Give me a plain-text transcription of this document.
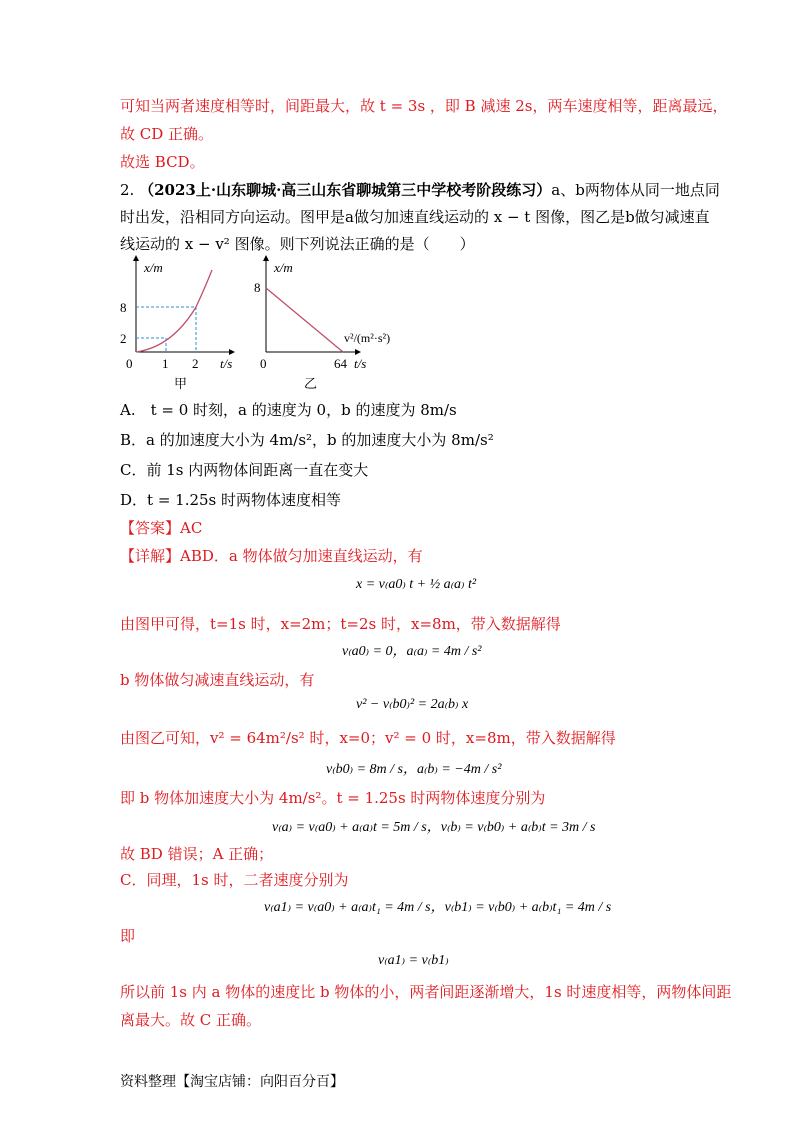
可知当两者速度相等时，间距最大，故 t = 3s ，即 B 减速 2s，两车速度相等，距离最远，
故 CD 正确。
故选 BCD。
2. （2023上·山东聊城·高三山东省聊城第三中学校考阶段练习）a、b两物体从同一地点同
时出发，沿相同方向运动。图甲是a做匀加速直线运动的 x − t 图像，图乙是b做匀减速直
线运动的 x − v² 图像。则下列说法正确的是（　　）
x/m
8
2
0 1 2 t/s
甲
x/m
8
v²/(m²·s²)
0	64 t/s
乙
A.　t = 0 时刻，a 的速度为 0，b 的速度为 8m/s
B．a 的加速度大小为 4m/s²，b 的加速度大小为 8m/s²
C．前 1s 内两物体间距离一直在变大
D．t = 1.25s 时两物体速度相等
【答案】AC
【详解】ABD．a 物体做匀加速直线运动，有
x = v₍a0₎ t + ½ a₍a₎ t²
由图甲可得，t=1s 时，x=2m；t=2s 时，x=8m，带入数据解得
v₍a0₎ = 0，a₍a₎ = 4m / s²
b 物体做匀减速直线运动，有
v² − v₍b0₎² = 2a₍b₎ x
由图乙可知，v² = 64m²/s² 时，x=0；v² = 0 时，x=8m，带入数据解得
v₍b0₎ = 8m / s，a₍b₎ = −4m / s²
即 b 物体加速度大小为 4m/s²。t = 1.25s 时两物体速度分别为
v₍a₎ = v₍a0₎ + a₍a₎t = 5m / s，v₍b₎ = v₍b0₎ + a₍b₎t = 3m / s
故 BD 错误；A 正确；
C．同理，1s 时，二者速度分别为
v₍a1₎ = v₍a0₎ + a₍a₎t₁ = 4m / s，v₍b1₎ = v₍b0₎ + a₍b₎t₁ = 4m / s
即
v₍a1₎ = v₍b1₎
所以前 1s 内 a 物体的速度比 b 物体的小，两者间距逐渐增大，1s 时速度相等，两物体间距
离最大。故 C 正确。
资料整理【淘宝店铺：向阳百分百】
